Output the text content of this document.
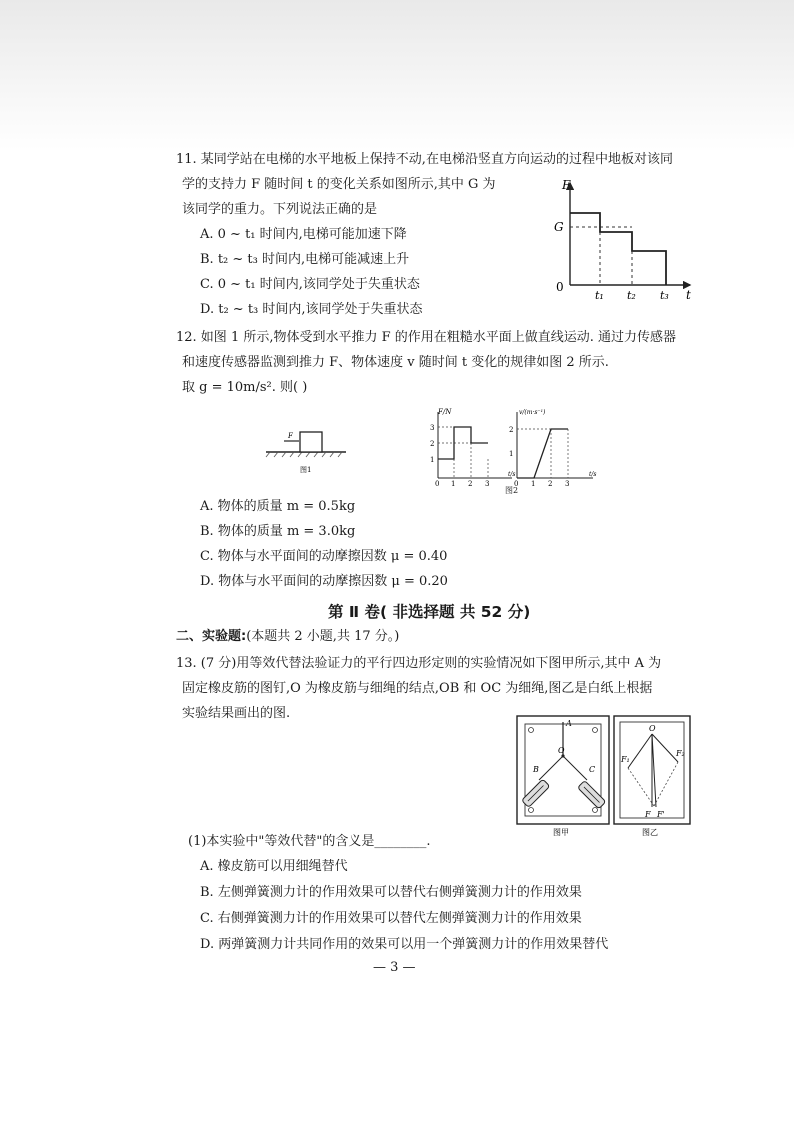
11. 某同学站在电梯的水平地板上保持不动,在电梯沿竖直方向运动的过程中地板对该同
学的支持力 F 随时间 t 的变化关系如图所示,其中 G 为
该同学的重力。下列说法正确的是
A. 0 ~ t₁ 时间内,电梯可能加速下降
B. t₂ ~ t₃ 时间内,电梯可能减速上升
C. 0 ~ t₁ 时间内,该同学处于失重状态
D. t₂ ~ t₃ 时间内,该同学处于失重状态
F
t
0
G
t₁ t₂ t₃
12. 如图 1 所示,物体受到水平推力 F 的作用在粗糙水平面上做直线运动. 通过力传感器
和速度传感器监测到推力 F、物体速度 v 随时间 t 变化的规律如图 2 所示.
取 g = 10m/s². 则( )
F
图1
F/N
t/s
3
2
1
0 1 2 3
v/(m·s⁻¹)
t/s
2
1
0 1 2 3
图2
A. 物体的质量 m = 0.5kg
B. 物体的质量 m = 3.0kg
C. 物体与水平面间的动摩擦因数 μ = 0.40
D. 物体与水平面间的动摩擦因数 μ = 0.20
第 Ⅱ 卷( 非选择题 共 52 分)
二、实验题:(本题共 2 小题,共 17 分。)
13. (7 分)用等效代替法验证力的平行四边形定则的实验情况如下图甲所示,其中 A 为
固定橡皮筋的图钉,O 为橡皮筋与细绳的结点,OB 和 OC 为细绳,图乙是白纸上根据
实验结果画出的图.
A
O
B	C
图甲
O
F₁
F₂
F F'
图乙
(1)本实验中"等效代替"的含义是________.
A. 橡皮筋可以用细绳替代
B. 左侧弹簧测力计的作用效果可以替代右侧弹簧测力计的作用效果
C. 右侧弹簧测力计的作用效果可以替代左侧弹簧测力计的作用效果
D. 两弹簧测力计共同作用的效果可以用一个弹簧测力计的作用效果替代
— 3 —
